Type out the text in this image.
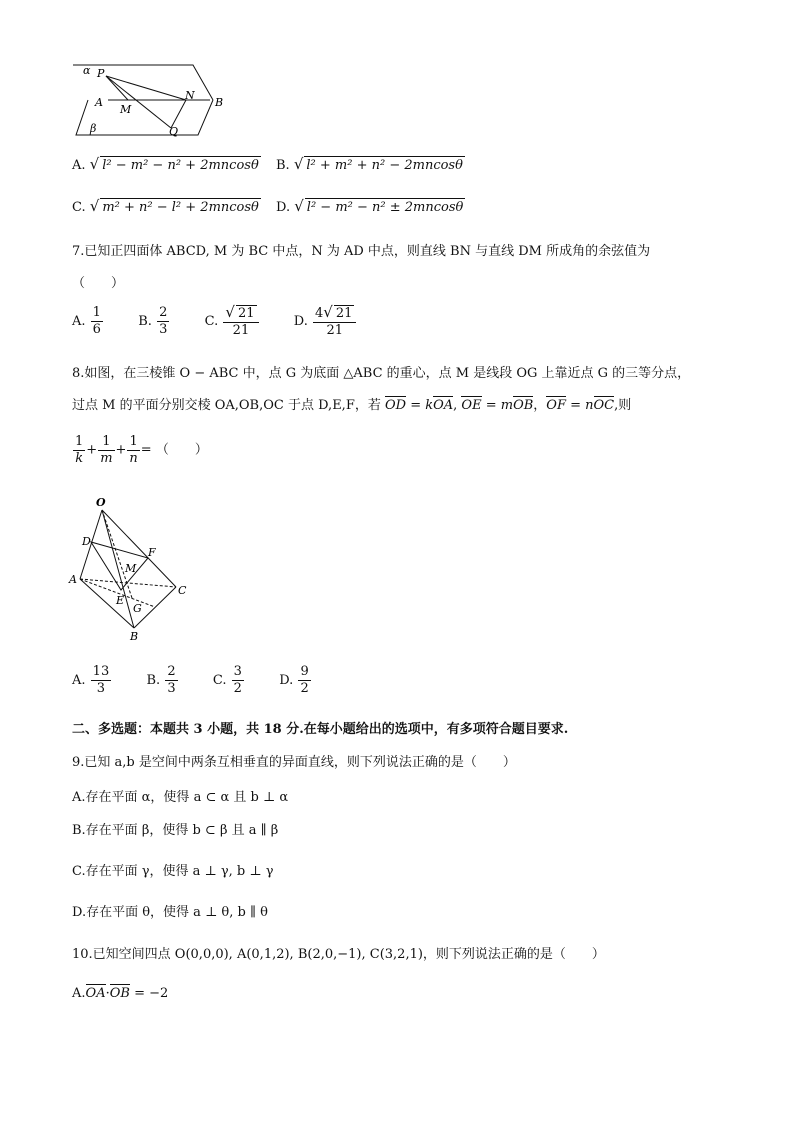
α P
A
M
N
B
β	Q
A. √ l² − m² − n² + 2mncosθ B. √ l² + m² + n² − 2mncosθ
C. √ m² + n² − l² + 2mncosθ D. √ l² − m² − n² ± 2mncosθ
7.已知正四面体 ABCD, M 为 BC 中点，N 为 AD 中点，则直线 BN 与直线 DM 所成角的余弦值为
（　　）
A. $\frac{1}{6}$	B. $\frac{2}{3}$	C. $\frac{√ 21}{21}$	D. $\frac{4√ 21}{21}$
8.如图，在三棱锥 O − ABC 中，点 G 为底面 △ABC 的重心，点 M 是线段 OG 上靠近点 G 的三等分点，
过点 M 的平面分别交棱 OA,OB,OC 于点 D,E,F，若 OD = kOA, OE = mOB，OF = nOC,则
$\frac{1}{k} + \frac{1}{m} + \frac{1}{n}$ = （　　）
O
D
F
M
A
E
G
C
B
A. $\frac{13}{3}$	B. $\frac{2}{3}$	C. $\frac{3}{2}$	D. $\frac{9}{2}$
二、多选题：本题共 3 小题，共 18 分.在每小题给出的选项中，有多项符合题目要求.
9.已知 a,b 是空间中两条互相垂直的异面直线，则下列说法正确的是（　　）
A.存在平面 α，使得 a ⊂ α 且 b ⊥ α
B.存在平面 β，使得 b ⊂ β 且 a ∥ β
C.存在平面 γ，使得 a ⊥ γ, b ⊥ γ
D.存在平面 θ，使得 a ⊥ θ, b ∥ θ
10.已知空间四点 O(0,0,0), A(0,1,2), B(2,0,−1), C(3,2,1)，则下列说法正确的是（　　）
A.OA·OB = −2
